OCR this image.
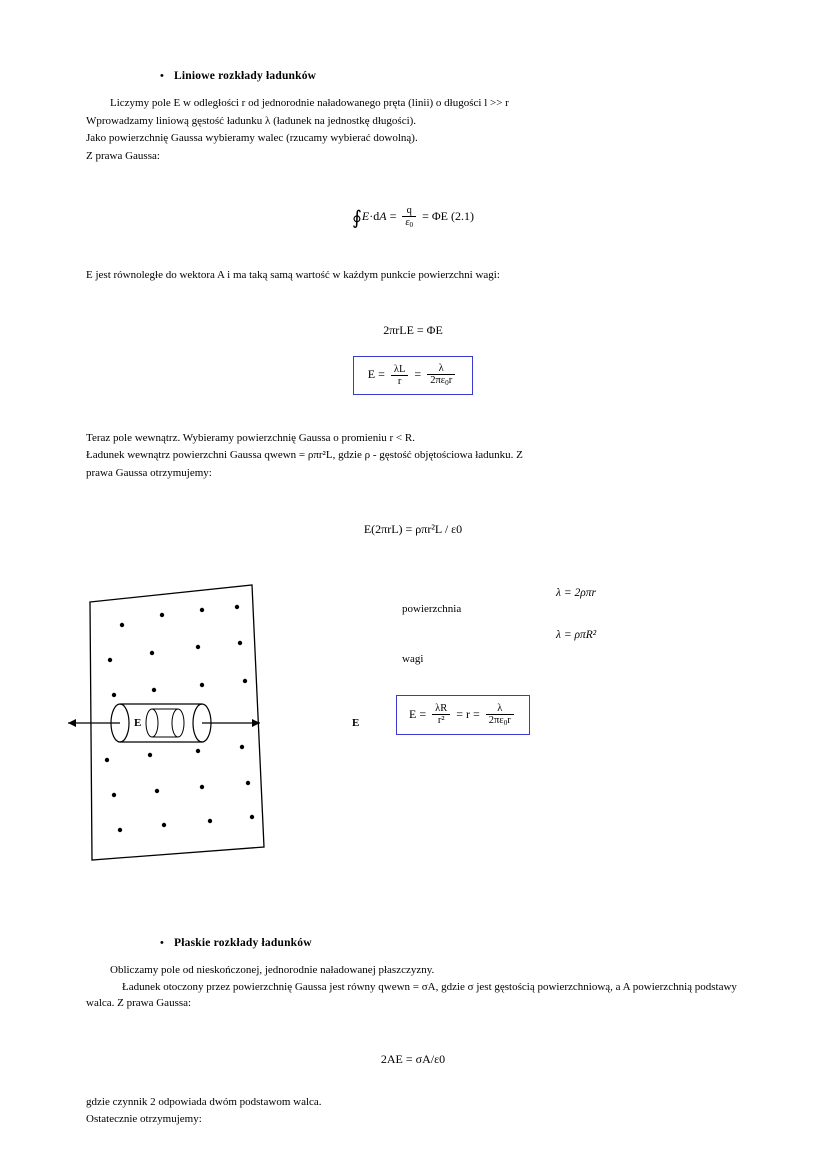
• Liniowe rozkłady ładunków

Liczymy pole E w odległości r od jednorodnie naładowanego pręta (linii) o długości l >> r

Wprowadzamy liniową gęstość ładunku λ (ładunek na jednostkę długości).

Jako powierzchnię Gaussa wybieramy walec (rzucamy wybierać dowolną).

Z prawa Gaussa:

∮E·dA = $\frac{q}{\varepsilon_0} = \Phi E$ (2.1)

E jest równoległe do wektora A i ma taką samą wartość w każdym punkcie powierzchni wagi:

2πrLE = ΦE
$E = \frac{\lambda L}{r} = \frac{\lambda}{2\pi\varepsilon_0r}$

Teraz pole wewnątrz. Wybieramy powierzchnię Gaussa o promieniu r < R.

Ładunek wewnątrz powierzchni Gaussa qwewn = ρπr²L, gdzie ρ - gęstość objętościowa ładunku. Z

prawa Gaussa otrzymujemy:

E(2πrL) = ρπr²L / ε0
E	E
powierzchnia
wagi
λ = 2ρπr
λ = ρπR²
$E = \frac{\lambda R}{\text{r²}} = r = \frac{\lambda}{2\pi\varepsilon_0r}$
• Płaskie rozkłady ładunków

Obliczamy pole od nieskończonej, jednorodnie naładowanej płaszczyzny.

Ładunek otoczony przez powierzchnię Gaussa jest równy qwewn = σA, gdzie σ jest gęstością powierzchniową, a A powierzchnią podstawy walca. Z prawa Gaussa:

2AE = σA/ε0

gdzie czynnik 2 odpowiada dwóm podstawom walca.

Ostatecznie otrzymujemy:
